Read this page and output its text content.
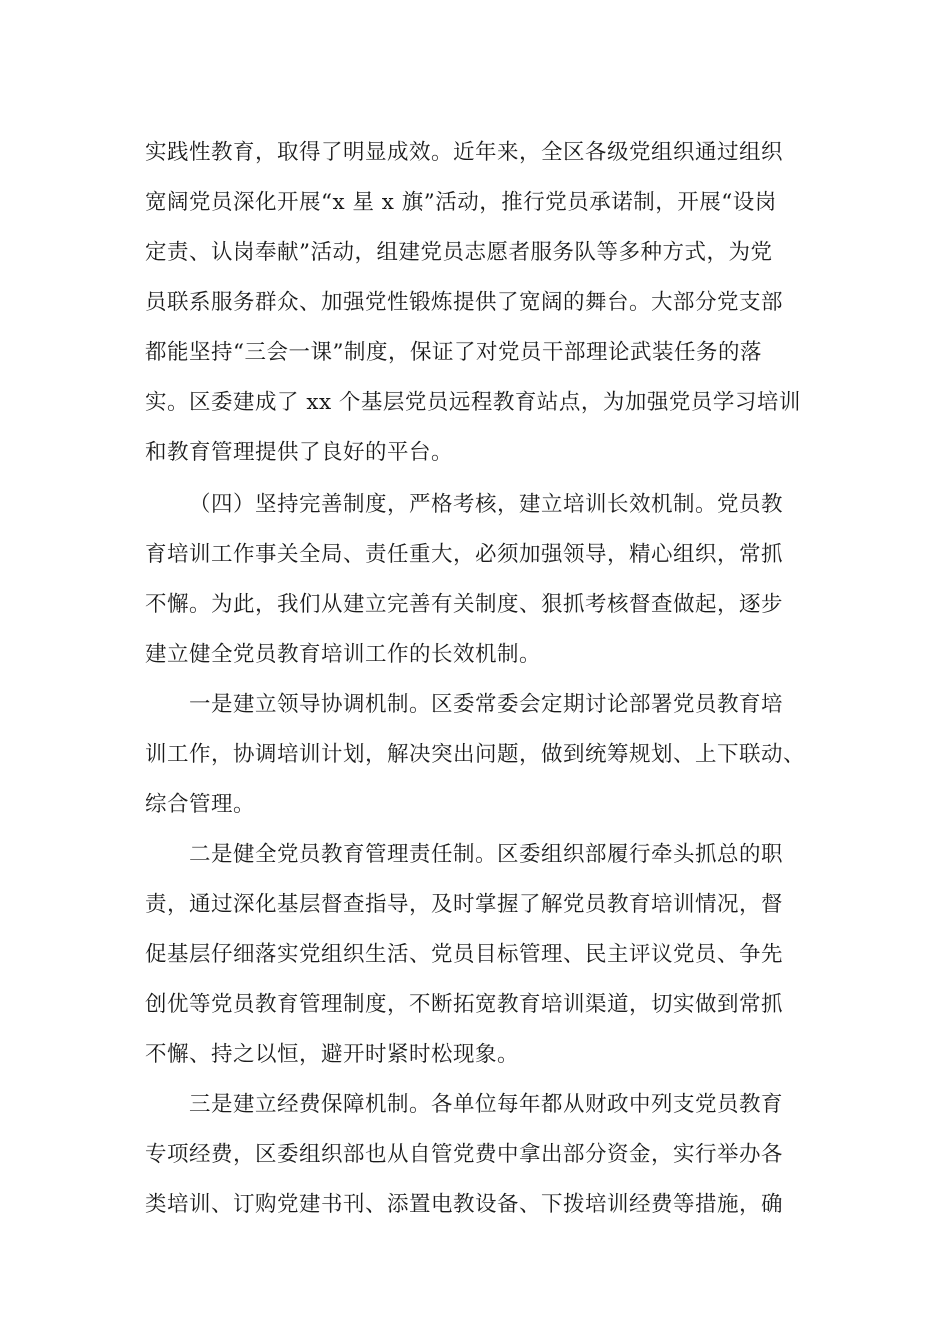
实践性教育，取得了明显成效。近年来，全区各级党组织通过组织
宽阔党员深化开展“x 星 x 旗”活动，推行党员承诺制，开展“设岗
定责、认岗奉献”活动，组建党员志愿者服务队等多种方式，为党
员联系服务群众、加强党性锻炼提供了宽阔的舞台。大部分党支部
都能坚持“三会一课”制度，保证了对党员干部理论武装任务的落
实。区委建成了 xx 个基层党员远程教育站点，为加强党员学习培训
和教育管理提供了良好的平台。
（四）坚持完善制度，严格考核，建立培训长效机制。党员教
育培训工作事关全局、责任重大，必须加强领导，精心组织，常抓
不懈。为此，我们从建立完善有关制度、狠抓考核督查做起，逐步
建立健全党员教育培训工作的长效机制。
一是建立领导协调机制。区委常委会定期讨论部署党员教育培
训工作，协调培训计划，解决突出问题，做到统筹规划、上下联动、
综合管理。
二是健全党员教育管理责任制。区委组织部履行牵头抓总的职
责，通过深化基层督查指导，及时掌握了解党员教育培训情况，督
促基层仔细落实党组织生活、党员目标管理、民主评议党员、争先
创优等党员教育管理制度，不断拓宽教育培训渠道，切实做到常抓
不懈、持之以恒，避开时紧时松现象。
三是建立经费保障机制。各单位每年都从财政中列支党员教育
专项经费，区委组织部也从自管党费中拿出部分资金，实行举办各
类培训、订购党建书刊、添置电教设备、下拨培训经费等措施，确
